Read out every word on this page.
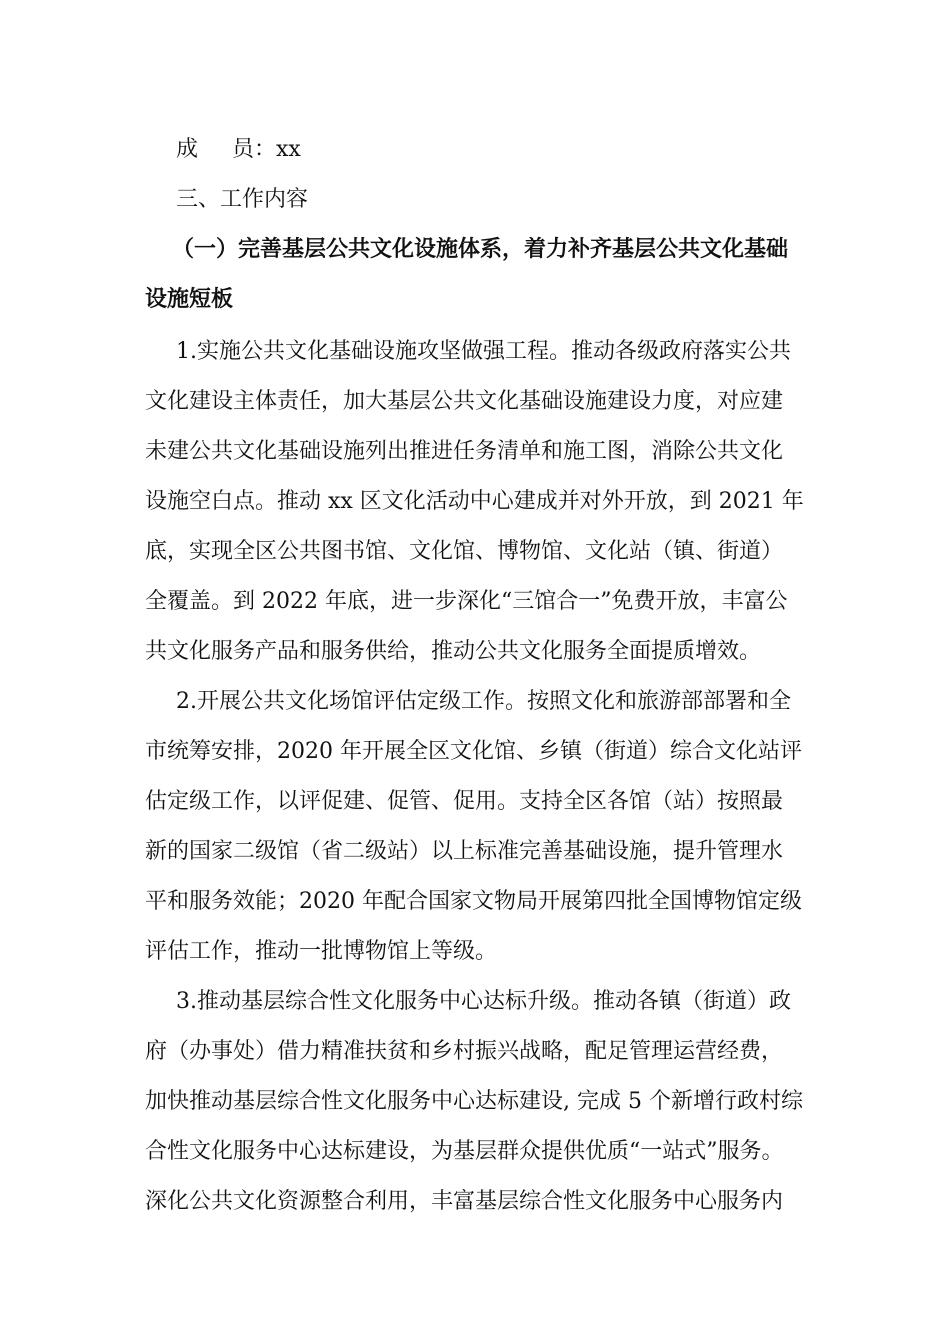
成 员：xx
三、工作内容
（一）完善基层公共文化设施体系，着力补齐基层公共文化基础
设施短板
1.实施公共文化基础设施攻坚做强工程。推动各级政府落实公共
文化建设主体责任，加大基层公共文化基础设施建设力度，对应建
未建公共文化基础设施列出推进任务清单和施工图，消除公共文化
设施空白点。推动 xx 区文化活动中心建成并对外开放，到 2021 年
底，实现全区公共图书馆、文化馆、博物馆、文化站（镇、街道）
全覆盖。到 2022 年底，进一步深化“三馆合一”免费开放，丰富公
共文化服务产品和服务供给，推动公共文化服务全面提质增效。
2.开展公共文化场馆评估定级工作。按照文化和旅游部部署和全
市统筹安排，2020 年开展全区文化馆、乡镇（街道）综合文化站评
估定级工作，以评促建、促管、促用。支持全区各馆（站）按照最
新的国家二级馆（省二级站）以上标准完善基础设施，提升管理水
平和服务效能；2020 年配合国家文物局开展第四批全国博物馆定级
评估工作，推动一批博物馆上等级。
3.推动基层综合性文化服务中心达标升级。推动各镇（街道）政
府（办事处）借力精准扶贫和乡村振兴战略，配足管理运营经费，
加快推动基层综合性文化服务中心达标建设, 完成 5 个新增行政村综
合性文化服务中心达标建设，为基层群众提供优质“一站式”服务。
深化公共文化资源整合利用，丰富基层综合性文化服务中心服务内
